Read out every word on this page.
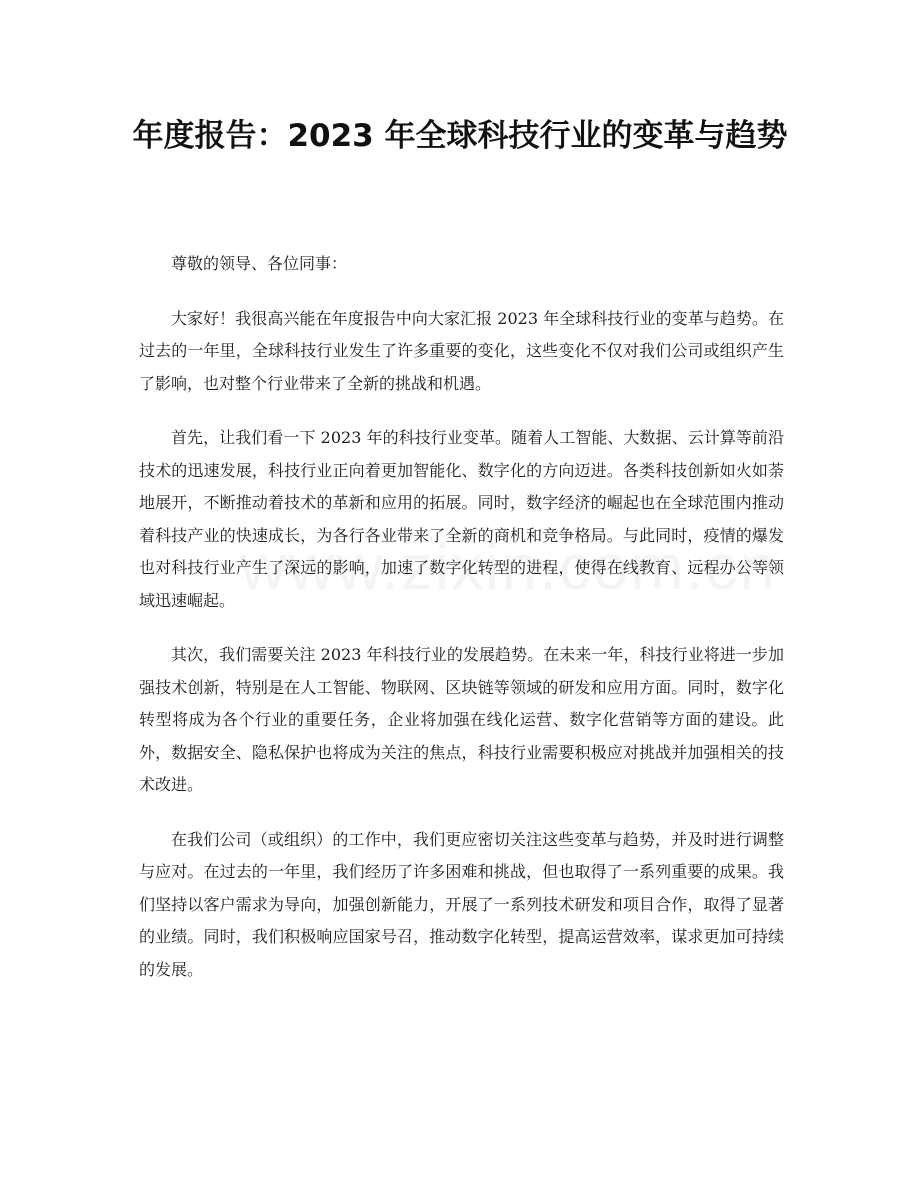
年度报告：2023 年全球科技行业的变革与趋势

尊敬的领导、各位同事：

大家好！我很高兴能在年度报告中向大家汇报 2023 年全球科技行业的变革与趋势。在过去的一年里，全球科技行业发生了许多重要的变化，这些变化不仅对我们公司或组织产生了影响，也对整个行业带来了全新的挑战和机遇。

首先，让我们看一下 2023 年的科技行业变革。随着人工智能、大数据、云计算等前沿技术的迅速发展，科技行业正向着更加智能化、数字化的方向迈进。各类科技创新如火如荼地展开，不断推动着技术的革新和应用的拓展。同时，数字经济的崛起也在全球范围内推动着科技产业的快速成长，为各行各业带来了全新的商机和竞争格局。与此同时，疫情的爆发也对科技行业产生了深远的影响，加速了数字化转型的进程，使得在线教育、远程办公等领域迅速崛起。

其次，我们需要关注 2023 年科技行业的发展趋势。在未来一年，科技行业将进一步加强技术创新，特别是在人工智能、物联网、区块链等领域的研发和应用方面。同时，数字化转型将成为各个行业的重要任务，企业将加强在线化运营、数字化营销等方面的建设。此外，数据安全、隐私保护也将成为关注的焦点，科技行业需要积极应对挑战并加强相关的技术改进。

在我们公司（或组织）的工作中，我们更应密切关注这些变革与趋势，并及时进行调整与应对。在过去的一年里，我们经历了许多困难和挑战，但也取得了一系列重要的成果。我们坚持以客户需求为导向，加强创新能力，开展了一系列技术研发和项目合作，取得了显著的业绩。同时，我们积极响应国家号召，推动数字化转型，提高运营效率，谋求更加可持续的发展。
